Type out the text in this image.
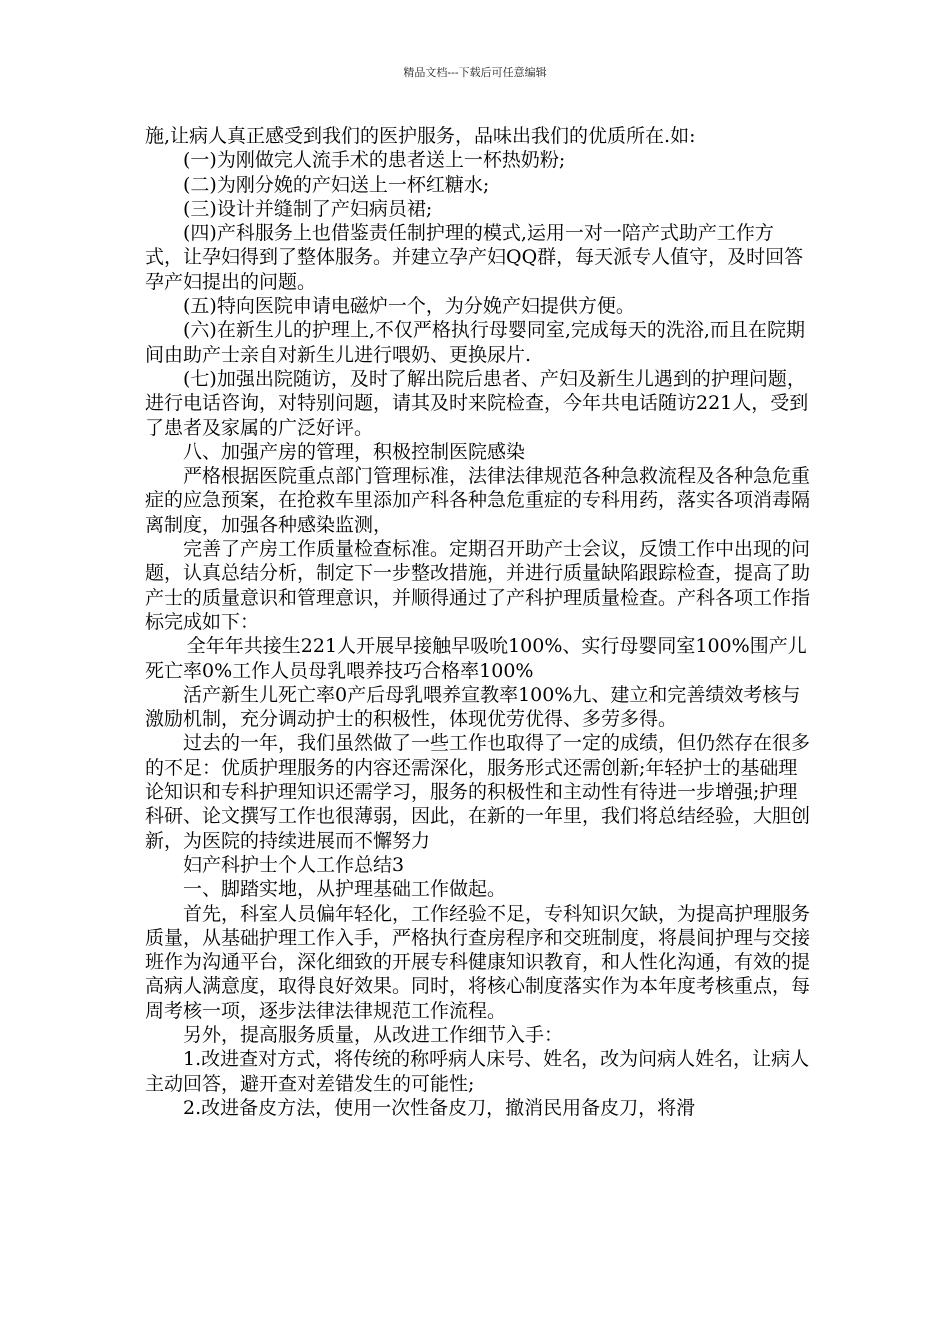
精品文档---下载后可任意编辑

施,让病人真正感受到我们的医护服务，品味出我们的优质所在.如:

(一)为刚做完人流手术的患者送上一杯热奶粉;

(二)为刚分娩的产妇送上一杯红糖水;

(三)设计并缝制了产妇病员裙;

(四)产科服务上也借鉴责任制护理的模式,运用一对一陪产式助产工作方式，让孕妇得到了整体服务。并建立孕产妇QQ群，每天派专人值守，及时回答孕产妇提出的问题。

(五)特向医院申请电磁炉一个，为分娩产妇提供方便。

(六)在新生儿的护理上,不仅严格执行母婴同室,完成每天的洗浴,而且在院期间由助产士亲自对新生儿进行喂奶、更换尿片.

(七)加强出院随访，及时了解出院后患者、产妇及新生儿遇到的护理问题，进行电话咨询，对特别问题，请其及时来院检查，今年共电话随访221人，受到了患者及家属的广泛好评。

八、加强产房的管理，积极控制医院感染

严格根据医院重点部门管理标准，法律法律规范各种急救流程及各种急危重症的应急预案，在抢救车里添加产科各种急危重症的专科用药，落实各项消毒隔离制度，加强各种感染监测，

完善了产房工作质量检查标准。定期召开助产士会议，反馈工作中出现的问题，认真总结分析，制定下一步整改措施，并进行质量缺陷跟踪检查，提高了助产士的质量意识和管理意识，并顺得通过了产科护理质量检查。产科各项工作指标完成如下：

全年年共接生221人开展早接触早吸吮100%、实行母婴同室100%围产儿死亡率0%工作人员母乳喂养技巧合格率100%

活产新生儿死亡率0产后母乳喂养宣教率100%九、建立和完善绩效考核与激励机制，充分调动护士的积极性，体现优劳优得、多劳多得。

过去的一年，我们虽然做了一些工作也取得了一定的成绩，但仍然存在很多的不足：优质护理服务的内容还需深化，服务形式还需创新;年轻护士的基础理论知识和专科护理知识还需学习，服务的积极性和主动性有待进一步增强;护理科研、论文撰写工作也很薄弱，因此，在新的一年里，我们将总结经验，大胆创新，为医院的持续进展而不懈努力

妇产科护士个人工作总结3

一、脚踏实地，从护理基础工作做起。

首先，科室人员偏年轻化，工作经验不足，专科知识欠缺，为提高护理服务质量，从基础护理工作入手，严格执行查房程序和交班制度，将晨间护理与交接班作为沟通平台，深化细致的开展专科健康知识教育，和人性化沟通，有效的提高病人满意度，取得良好效果。同时，将核心制度落实作为本年度考核重点，每周考核一项，逐步法律法律规范工作流程。

另外，提高服务质量，从改进工作细节入手：

1.改进查对方式，将传统的称呼病人床号、姓名，改为问病人姓名，让病人主动回答，避开查对差错发生的可能性;

2.改进备皮方法，使用一次性备皮刀，撤消民用备皮刀，将滑
